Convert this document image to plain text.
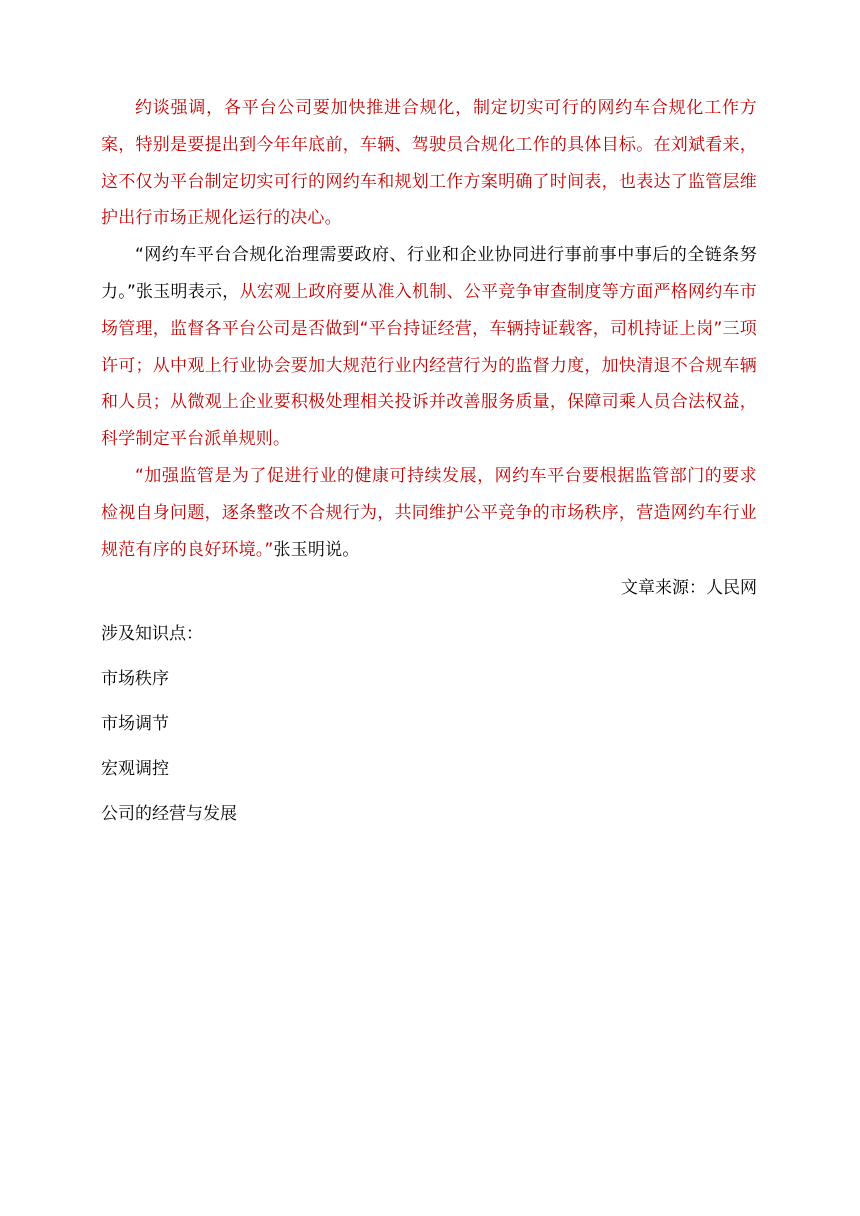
约谈强调，各平台公司要加快推进合规化，制定切实可行的网约车合规化工作方案，特别是要提出到今年年底前，车辆、驾驶员合规化工作的具体目标。在刘斌看来，这不仅为平台制定切实可行的网约车和规划工作方案明确了时间表，也表达了监管层维护出行市场正规化运行的决心。

“网约车平台合规化治理需要政府、行业和企业协同进行事前事中事后的全链条努力。”张玉明表示，从宏观上政府要从准入机制、公平竞争审查制度等方面严格网约车市场管理，监督各平台公司是否做到“平台持证经营，车辆持证载客，司机持证上岗”三项许可；从中观上行业协会要加大规范行业内经营行为的监督力度，加快清退不合规车辆和人员；从微观上企业要积极处理相关投诉并改善服务质量，保障司乘人员合法权益，科学制定平台派单规则。

“加强监管是为了促进行业的健康可持续发展，网约车平台要根据监管部门的要求检视自身问题，逐条整改不合规行为，共同维护公平竞争的市场秩序，营造网约车行业规范有序的良好环境。”张玉明说。

文章来源：人民网

涉及知识点：

市场秩序
市场调节
宏观调控
公司的经营与发展
